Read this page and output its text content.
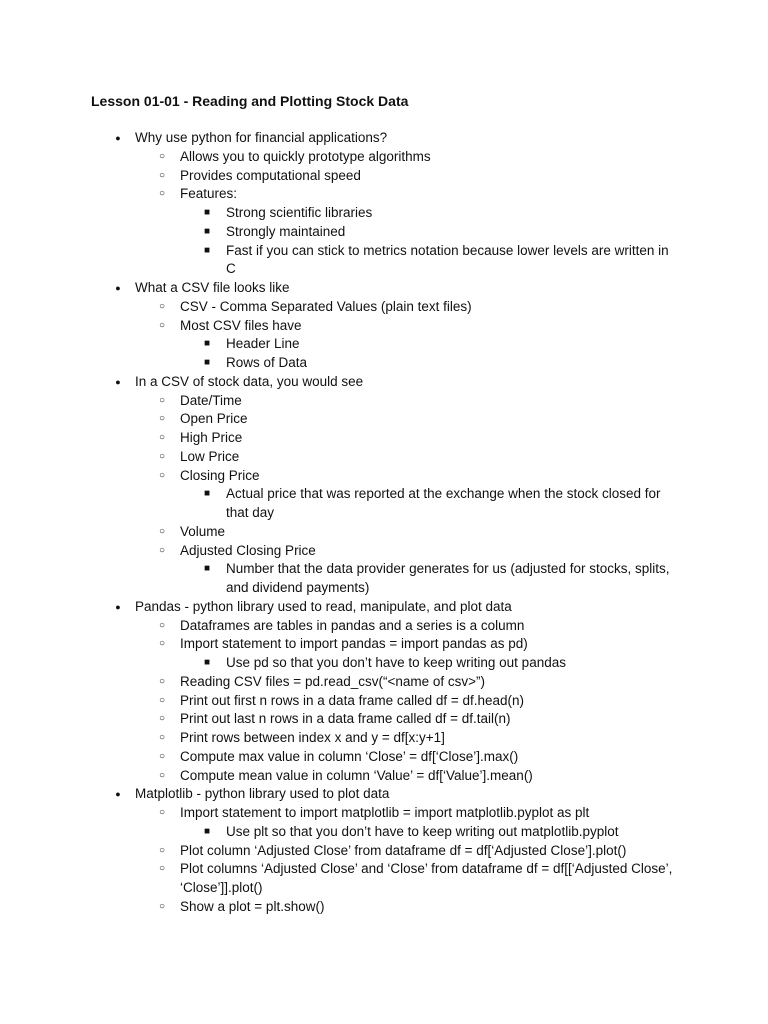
Lesson 01-01 - Reading and Plotting Stock Data
●	Why use python for financial applications?
○ Allows you to quickly prototype algorithms
○ Provides computational speed
○ Features:
■ Strong scientific libraries
■ Strongly maintained
■ Fast if you can stick to metrics notation because lower levels are written in C
●	What a CSV file looks like
○ CSV - Comma Separated Values (plain text files)
○ Most CSV files have
■ Header Line
■ Rows of Data
●	In a CSV of stock data, you would see
○ Date/Time
○ Open Price
○ High Price
○ Low Price
○ Closing Price
■ Actual price that was reported at the exchange when the stock closed for that day
○ Volume
○ Adjusted Closing Price
■ Number that the data provider generates for us (adjusted for stocks, splits, and dividend payments)
●	Pandas - python library used to read, manipulate, and plot data
○ Dataframes are tables in pandas and a series is a column
○ Import statement to import pandas = import pandas as pd)
■ Use pd so that you don’t have to keep writing out pandas
○ Reading CSV files = pd.read_csv(“<name of csv>”)
○ Print out first n rows in a data frame called df = df.head(n)
○ Print out last n rows in a data frame called df = df.tail(n)
○ Print rows between index x and y = df[x:y+1]
○ Compute max value in column ‘Close’ = df[‘Close’].max()
○ Compute mean value in column ‘Value’ = df[‘Value’].mean()
●	Matplotlib - python library used to plot data
○ Import statement to import matplotlib = import matplotlib.pyplot as plt
■ Use plt so that you don’t have to keep writing out matplotlib.pyplot
○ Plot column ‘Adjusted Close’ from dataframe df = df[‘Adjusted Close’].plot()
○ Plot columns ‘Adjusted Close’ and ‘Close’ from dataframe df = df[[‘Adjusted Close’, ‘Close’]].plot()
○ Show a plot = plt.show()
